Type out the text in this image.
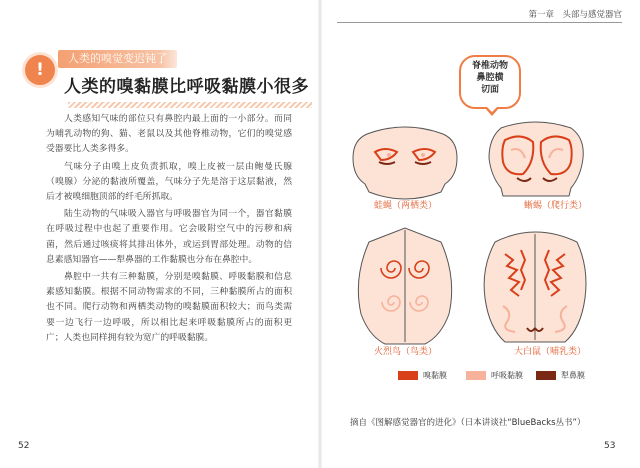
!
人类的嗅觉变迟钝了
人类的嗅黏膜比呼吸黏膜小很多

人类感知气味的部位只有鼻腔内最上面的一小部分。而同为哺乳动物的狗、猫、老鼠以及其他脊椎动物，它们的嗅觉感受器要比人类多得多。

气味分子由嗅上皮负责抓取，嗅上皮被一层由鲍曼氏腺（嗅腺）分泌的黏液所覆盖，气味分子先是溶于这层黏液，然后才被嗅细胞顶部的纤毛所抓取。

陆生动物的气味吸入器官与呼吸器官为同一个，器官黏膜在呼吸过程中也起了重要作用。它会吸附空气中的污秽和病菌，然后通过咳痰将其排出体外，或运到胃部处理。动物的信息素感知器官——犁鼻器的工作黏膜也分布在鼻腔中。

鼻腔中一共有三种黏膜，分别是嗅黏膜、呼吸黏膜和信息素感知黏膜。根据不同动物需求的不同，三种黏膜所占的面积也不同。爬行动物和两栖类动物的嗅黏膜面积较大；而鸟类需要一边飞行一边呼吸，所以相比起来呼吸黏膜所占的面积更广；人类也同样拥有较为宽广的呼吸黏膜。

52
第一章　头部与感觉器官
脊椎动物
鼻腔横
切面
蛙蝇（两栖类）	蜥蜴（爬行类）
火烈鸟（鸟类）	大白鼠（哺乳类）
嗅黏膜	呼吸黏膜	犁鼻膜
摘自《图解感觉器官的进化》（日本讲谈社“BlueBacks丛书”）
53
